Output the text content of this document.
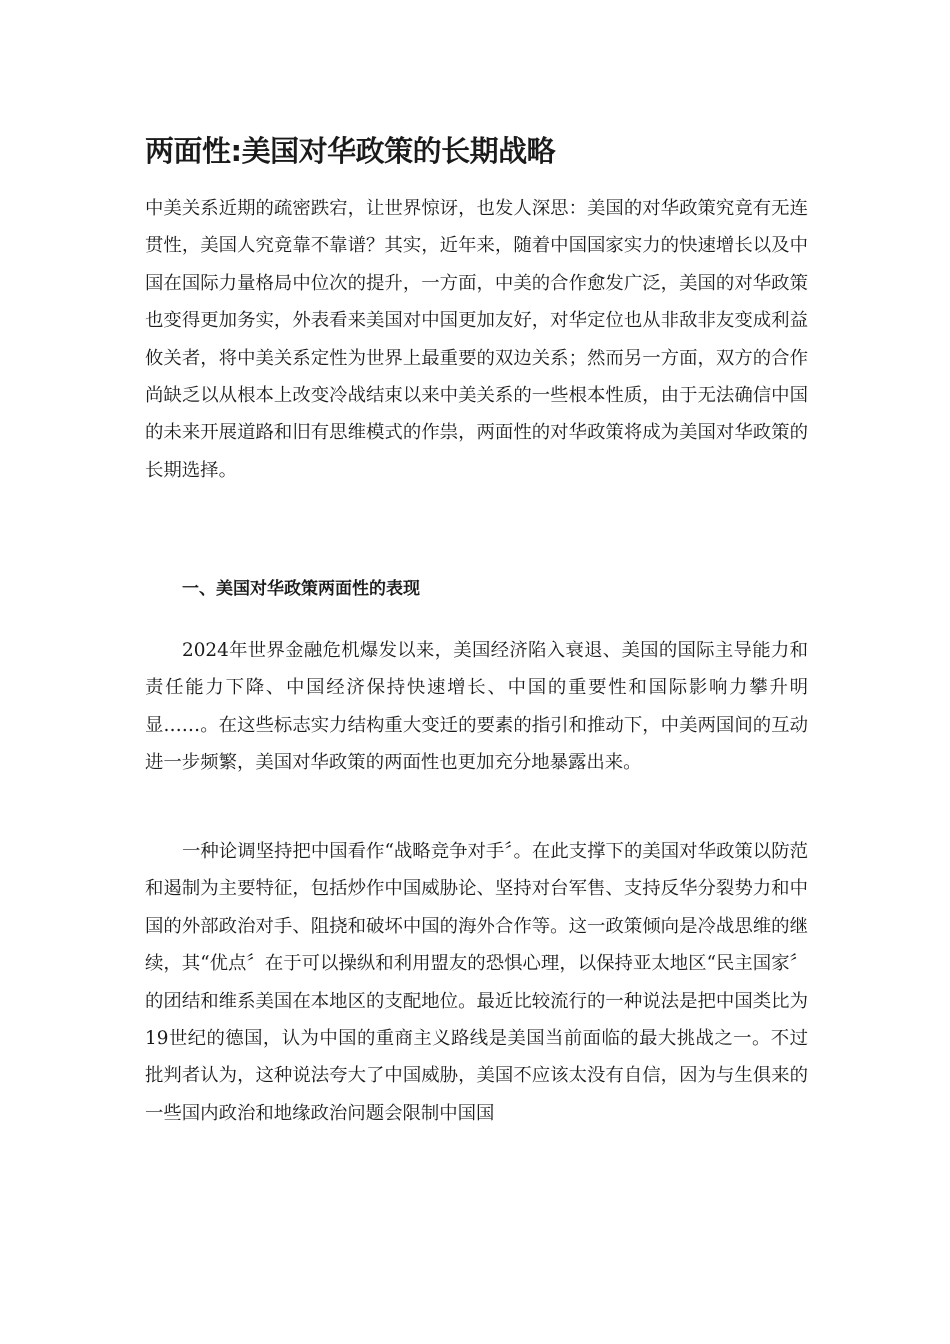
两面性:美国对华政策的长期战略

中美关系近期的疏密跌宕，让世界惊讶，也发人深思：美国的对华政策究竟有无连贯性，美国人究竟靠不靠谱？其实，近年来，随着中国国家实力的快速增长以及中国在国际力量格局中位次的提升，一方面，中美的合作愈发广泛，美国的对华政策也变得更加务实，外表看来美国对中国更加友好，对华定位也从非敌非友变成利益攸关者，将中美关系定性为世界上最重要的双边关系；然而另一方面，双方的合作尚缺乏以从根本上改变冷战结束以来中美关系的一些根本性质，由于无法确信中国的未来开展道路和旧有思维模式的作祟，两面性的对华政策将成为美国对华政策的长期选择。

一、美国对华政策两面性的表现

2024年世界金融危机爆发以来，美国经济陷入衰退、美国的国际主导能力和责任能力下降、中国经济保持快速增长、中国的重要性和国际影响力攀升明显……。在这些标志实力结构重大变迁的要素的指引和推动下，中美两国间的互动进一步频繁，美国对华政策的两面性也更加充分地暴露出来。

一种论调坚持把中国看作“战略竞争对手〞。在此支撑下的美国对华政策以防范和遏制为主要特征，包括炒作中国威胁论、坚持对台军售、支持反华分裂势力和中国的外部政治对手、阻挠和破坏中国的海外合作等。这一政策倾向是冷战思维的继续，其“优点〞在于可以操纵和利用盟友的恐惧心理，以保持亚太地区“民主国家〞的团结和维系美国在本地区的支配地位。最近比较流行的一种说法是把中国类比为19世纪的德国，认为中国的重商主义路线是美国当前面临的最大挑战之一。不过批判者认为，这种说法夸大了中国威胁，美国不应该太没有自信，因为与生俱来的一些国内政治和地缘政治问题会限制中国国
